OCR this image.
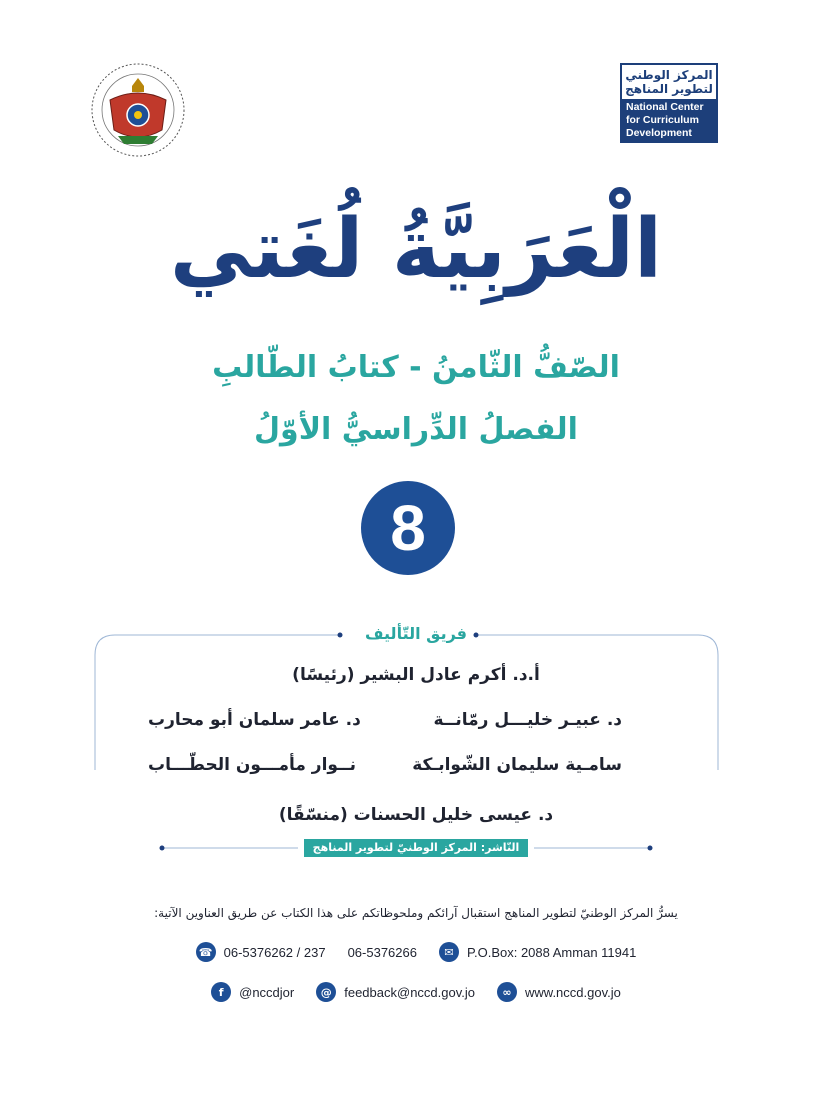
المركز الوطني
لتطوير المناهج
National Center
for Curriculum
Development
الْعَرَبِيَّةُ لُغَتي
الصّفُّ الثّامنُ - كتابُ الطّالبِ
الفصلُ الدِّراسيُّ الأوّلُ
8
فريق التّأليف
أ.د. أكرم عادل البشير (رئيسًا)
د. عبيـر خليـــل رمّانــة
د. عامر سلمان أبو محارب
سامـية سليمان الشّوابـكة
نــوار مأمـــون الحطّـــاب
د. عيسى خليل الحسنات (منسّقًا)
النّاشر: المركز الوطنيّ لتطوير المناهج
يسرُّ المركز الوطنيّ لتطوير المناهج استقبال آرائكم وملحوظاتكم على هذا الكتاب عن طريق العناوين الآتية:
☎ 06-5376262 / 237 06-5376266	✉	P.O.Box: 2088 Amman 11941
f	@nccdjor	@ feedback@nccd.gov.jo	∞	www.nccd.gov.jo
